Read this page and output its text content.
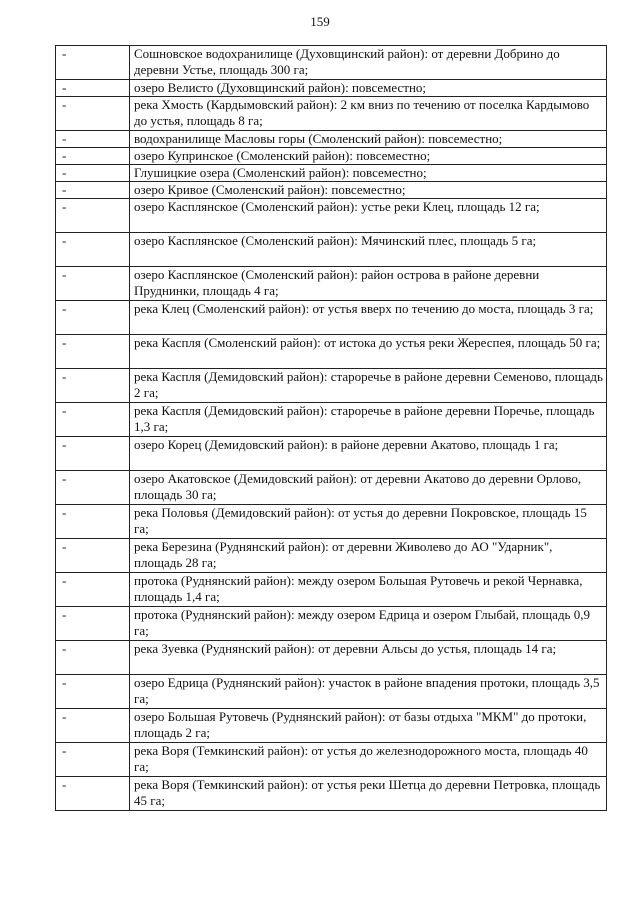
159
-	Сошновское водохранилище (Духовщинский район): от деревни Добрино до деревни Устье, площадь 300 га;

-	озеро Велисто (Духовщинский район): повсеместно;

-	река Хмость (Кардымовский район): 2 км вниз по течению от поселка Кардымово до устья, площадь 8 га;

-	водохранилище Масловы горы (Смоленский район): повсеместно;

-	озеро Купринское (Смоленский район): повсеместно;

-	Глушицкие озера (Смоленский район): повсеместно;

-	озеро Кривое (Смоленский район): повсеместно;

-	озеро Касплянское (Смоленский район): устье реки Клец, площадь 12 га;

-	озеро Касплянское (Смоленский район): Мячинский плес, площадь 5 га;

-	озеро Касплянское (Смоленский район): район острова в районе деревни Пруднинки, площадь 4 га;

-	река Клец (Смоленский район): от устья вверх по течению до моста, площадь 3 га;

-	река Каспля (Смоленский район): от истока до устья реки Жереспея, площадь 50 га;

-	река Каспля (Демидовский район): староречье в районе деревни Семеново, площадь 2 га;

-	река Каспля (Демидовский район): староречье в районе деревни Поречье, площадь 1,3 га;

-	озеро Корец (Демидовский район): в районе деревни Акатово, площадь 1 га;

-	озеро Акатовское (Демидовский район): от деревни Акатово до деревни Орлово, площадь 30 га;

-	река Половья (Демидовский район): от устья до деревни Покровское, площадь 15 га;

-	река Березина (Руднянский район): от деревни Живолево до АО "Ударник", площадь 28 га;

-	протока (Руднянский район): между озером Большая Рутовечь и рекой Чернавка, площадь 1,4 га;

-	протока (Руднянский район): между озером Едрица и озером Глыбай, площадь 0,9 га;

-	река Зуевка (Руднянский район): от деревни Альсы до устья, площадь 14 га;

-	озеро Едрица (Руднянский район): участок в районе впадения протоки, площадь 3,5 га;

-	озеро Большая Рутовечь (Руднянский район): от базы отдыха "МКМ" до протоки, площадь 2 га;

-	река Воря (Темкинский район): от устья до железнодорожного моста, площадь 40 га;

-	река Воря (Темкинский район): от устья реки Шетца до деревни Петровка, площадь 45 га;
